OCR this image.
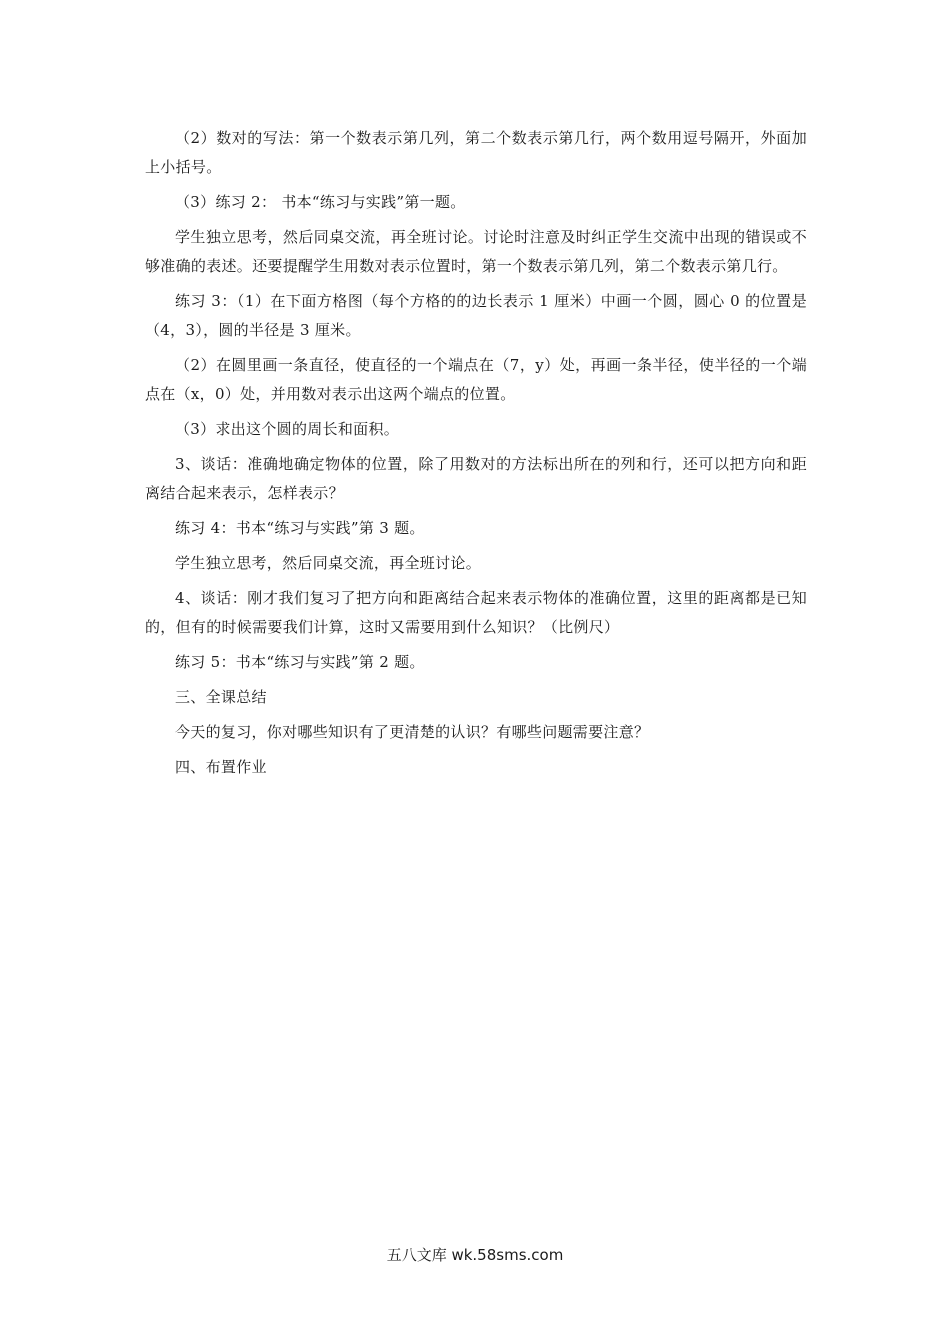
（2）数对的写法：第一个数表示第几列，第二个数表示第几行，两个数用逗号隔开，外面加上小括号。

（3）练习 2： 书本“练习与实践”第一题。

学生独立思考，然后同桌交流，再全班讨论。讨论时注意及时纠正学生交流中出现的错误或不够准确的表述。还要提醒学生用数对表示位置时，第一个数表示第几列，第二个数表示第几行。

练习 3：（1）在下面方格图（每个方格的的边长表示 1 厘米）中画一个圆，圆心 0 的位置是（4，3），圆的半径是 3 厘米。

（2）在圆里画一条直径，使直径的一个端点在（7，y）处，再画一条半径，使半径的一个端点在（x，0）处，并用数对表示出这两个端点的位置。

（3）求出这个圆的周长和面积。

3、谈话：准确地确定物体的位置，除了用数对的方法标出所在的列和行，还可以把方向和距离结合起来表示，怎样表示？

练习 4：书本“练习与实践”第 3 题。

学生独立思考，然后同桌交流，再全班讨论。

4、谈话：刚才我们复习了把方向和距离结合起来表示物体的准确位置，这里的距离都是已知的，但有的时候需要我们计算，这时又需要用到什么知识？（比例尺）

练习 5：书本“练习与实践”第 2 题。

三、全课总结

今天的复习，你对哪些知识有了更清楚的认识？有哪些问题需要注意？

四、布置作业

五八文库 wk.58sms.com
